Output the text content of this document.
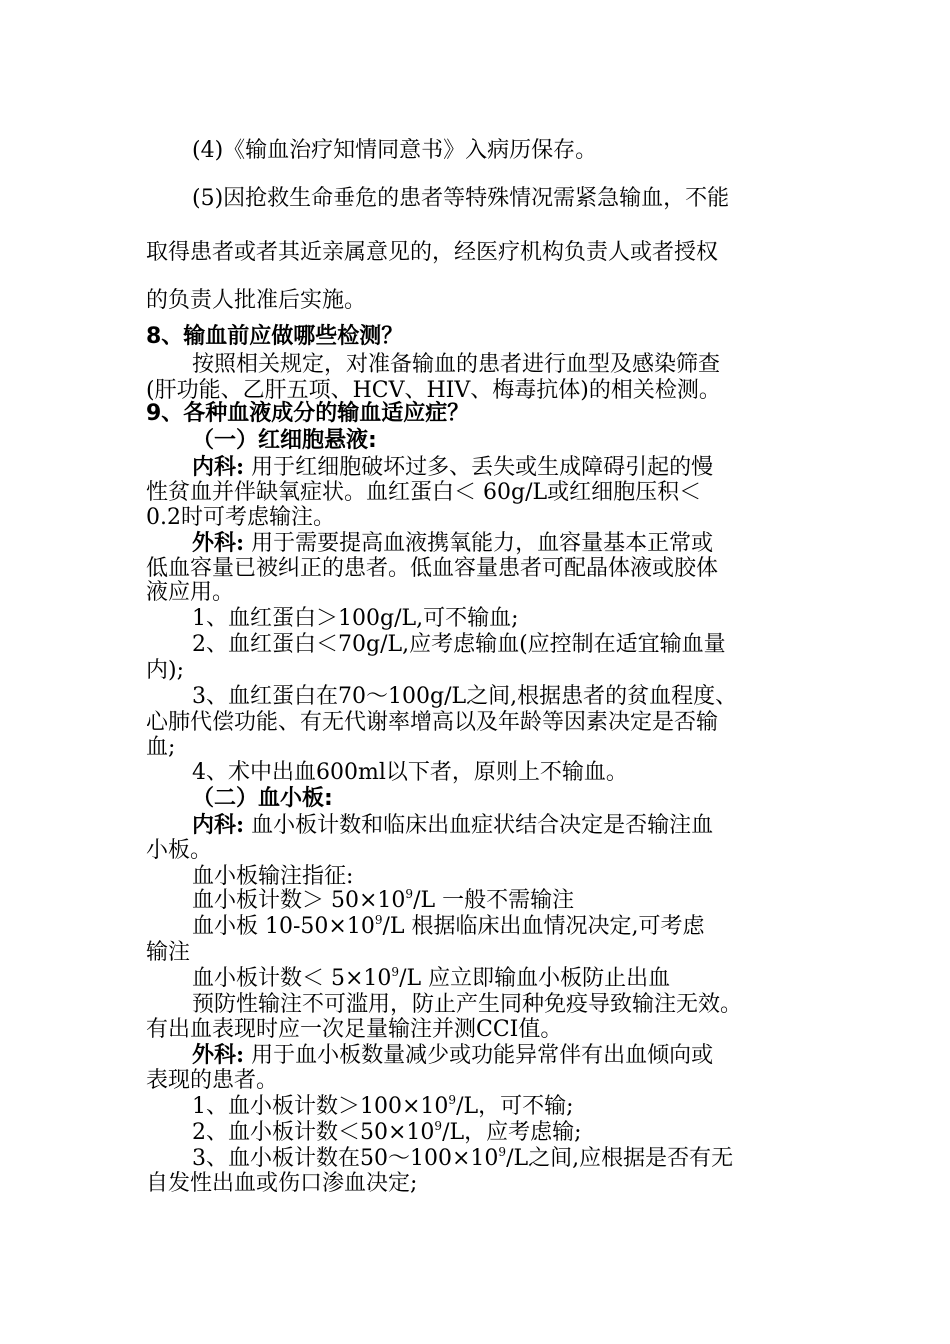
(4)《输血治疗知情同意书》入病历保存。
(5)因抢救生命垂危的患者等特殊情况需紧急输血，不能
取得患者或者其近亲属意见的，经医疗机构负责人或者授权
的负责人批准后实施。
8、输血前应做哪些检测？
按照相关规定，对准备输血的患者进行血型及感染筛查
(肝功能、乙肝五项、HCV、HIV、梅毒抗体)的相关检测。
9、各种血液成分的输血适应症？
（一）红细胞悬液:
内科: 用于红细胞破坏过多、丢失或生成障碍引起的慢
性贫血并伴缺氧症状。血红蛋白＜ 60g/L或红细胞压积＜
0.2时可考虑输注。
外科: 用于需要提高血液携氧能力，血容量基本正常或
低血容量已被纠正的患者。低血容量患者可配晶体液或胶体
液应用。
1、血红蛋白＞100g/L,可不输血;
2、血红蛋白＜70g/L,应考虑输血(应控制在适宜输血量
内);
3、血红蛋白在70～100g/L之间,根据患者的贫血程度、
心肺代偿功能、有无代谢率增高以及年龄等因素决定是否输
血;
4、术中出血600ml以下者，原则上不输血。
（二）血小板:
内科: 血小板计数和临床出血症状结合决定是否输注血
小板。
血小板输注指征:
血小板计数＞ $50\times 10^9/L$ 一般不需输注
血小板 $10-50\times 10^9/L$ 根据临床出血情况决定,可考虑
输注
血小板计数＜ $5\times 10^9/L$ 应立即输血小板防止出血
预防性输注不可滥用，防止产生同种免疫导致输注无效。
有出血表现时应一次足量输注并测CCI值。
外科: 用于血小板数量减少或功能异常伴有出血倾向或
表现的患者。
1、血小板计数$>100\times 10^9/L$，可不输;
2、血小板计数$<50\times 10^9/L$，应考虑输;
3、血小板计数在$50\sim 100\times 10^9/L$之间,应根据是否有无
自发性出血或伤口渗血决定;
